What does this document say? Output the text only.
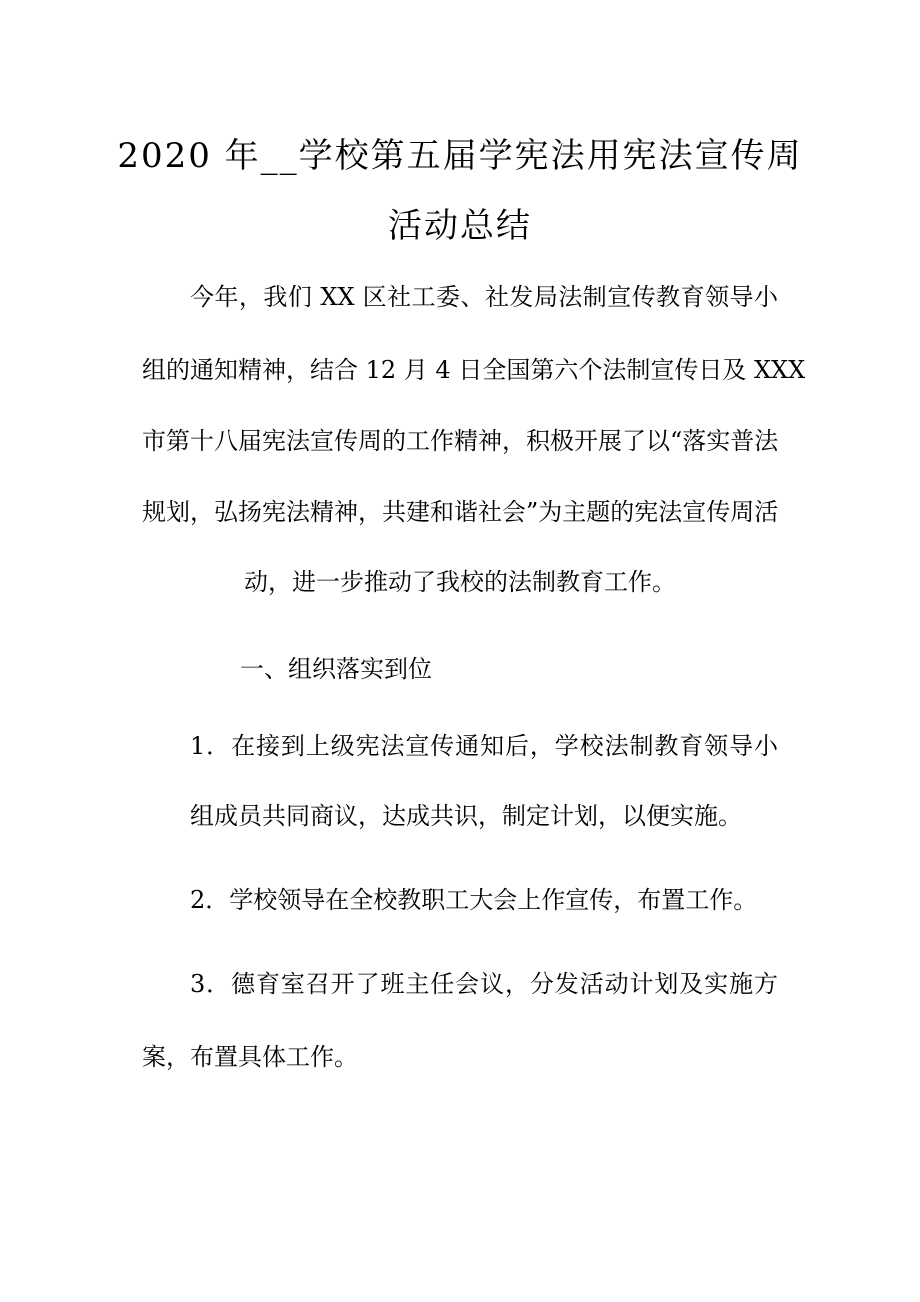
2020 年__学校第五届学宪法用宪法宣传周
活动总结
今年，我们 XX 区社工委、社发局法制宣传教育领导小
组的通知精神，结合 12 月 4 日全国第六个法制宣传日及 XXX
市第十八届宪法宣传周的工作精神，积极开展了以“落实普法
规划，弘扬宪法精神，共建和谐社会”为主题的宪法宣传周活
动，进一步推动了我校的法制教育工作。
一、组织落实到位
1．在接到上级宪法宣传通知后，学校法制教育领导小
组成员共同商议，达成共识，制定计划，以便实施。
2．学校领导在全校教职工大会上作宣传，布置工作。
3．德育室召开了班主任会议，分发活动计划及实施方
案，布置具体工作。
